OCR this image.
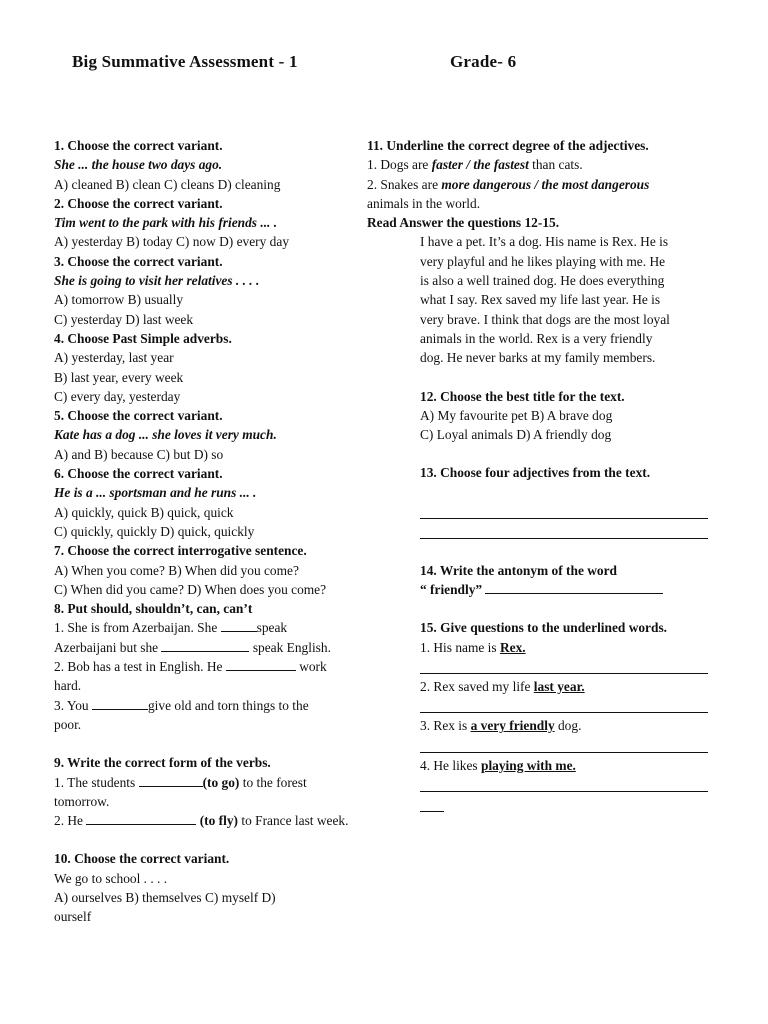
Big Summative Assessment - 1	Grade- 6
1. Choose the correct variant.
She ... the house two days ago.
A) cleaned B) clean C) cleans D) cleaning
2. Choose the correct variant.
Tim went to the park with his friends ... .
A) yesterday B) today C) now D) every day
3. Choose the correct variant.
She is going to visit her relatives . . . .
A) tomorrow B) usually
C) yesterday D) last week
4. Choose Past Simple adverbs.
A) yesterday, last year
B) last year, every week
C) every day, yesterday
5. Choose the correct variant.
Kate has a dog ... she loves it very much.
A) and B) because C) but D) so
6. Choose the correct variant.
He is a ... sportsman and he runs ... .
A) quickly, quick B) quick, quick
C) quickly, quickly D) quick, quickly
7. Choose the correct interrogative sentence.
A) When you come? B) When did you come?
C) When did you came? D) When does you come?
8. Put should, shouldn’t, can, can’t
1. She is from Azerbaijan. She	speak
Azerbaijani but she	speak English.
2. Bob has a test in English. He	work
hard.
3. You	give old and torn things to the
poor.
9. Write the correct form of the verbs.
1. The students	(to go) to the forest
tomorrow.
2. He	(to fly) to France last week.
10. Choose the correct variant.
We go to school . . . .
A) ourselves B) themselves C) myself D)
ourself
11. Underline the correct degree of the adjectives.
1. Dogs are faster / the fastest than cats.
2. Snakes are more dangerous / the most dangerous
animals in the world.
Read Answer the questions 12-15.
I have a pet. It’s a dog. His name is Rex. He is
very playful and he likes playing with me. He
is also a well trained dog. He does everything
what I say. Rex saved my life last year. He is
very brave. I think that dogs are the most loyal
animals in the world. Rex is a very friendly
dog. He never barks at my family members.
12. Choose the best title for the text.
A) My favourite pet B) A brave dog
C) Loyal animals D) A friendly dog
13. Choose four adjectives from the text.
14. Write the antonym of the word
“ friendly”
15. Give questions to the underlined words.
1. His name is Rex.
2. Rex saved my life last year.
3. Rex is a very friendly dog.
4. He likes playing with me.
